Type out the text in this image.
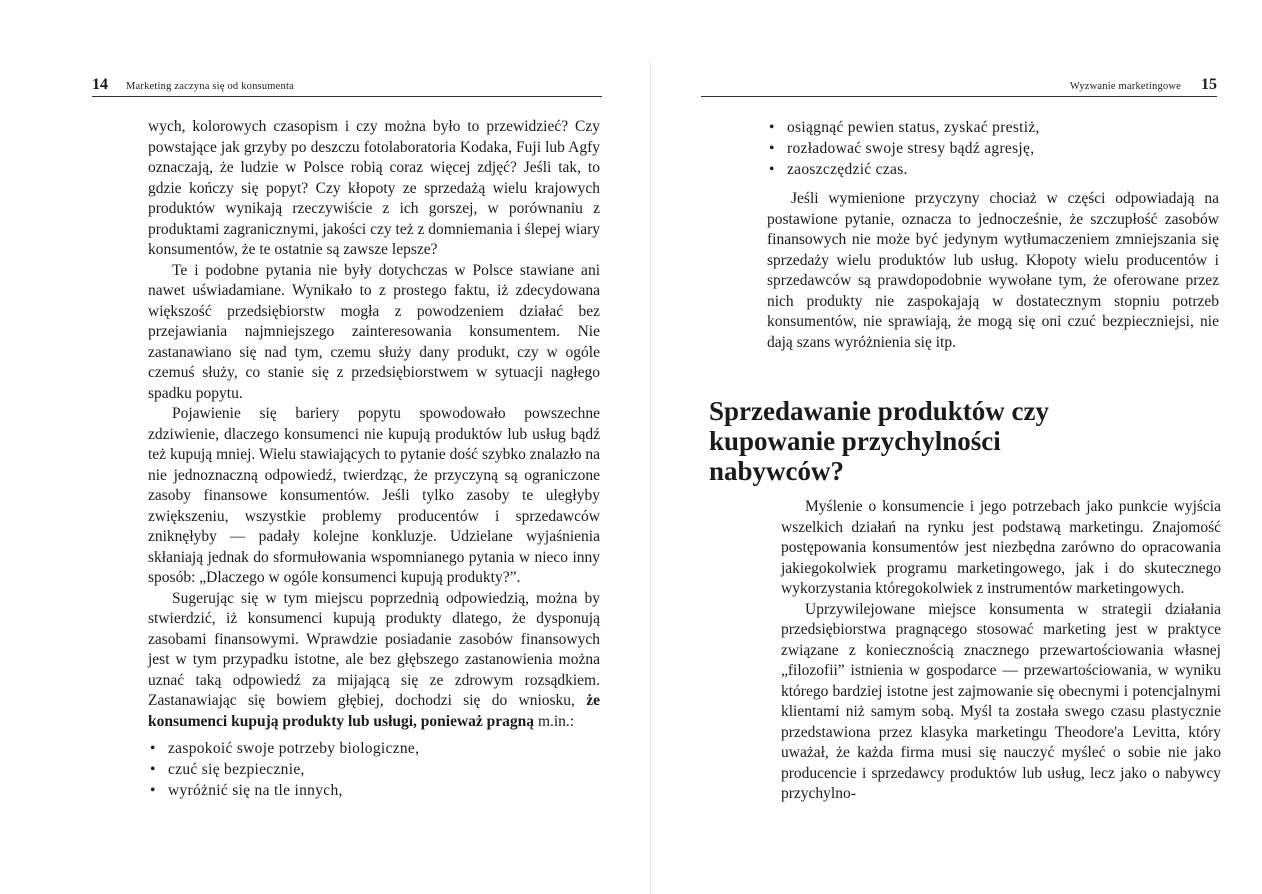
14 Marketing zaczyna się od konsumenta

wych, kolorowych czasopism i czy można było to przewidzieć? Czy powstające jak grzyby po deszczu fotolaboratoria Kodaka, Fuji lub Agfy oznaczają, że ludzie w Polsce robią coraz więcej zdjęć? Jeśli tak, to gdzie kończy się popyt? Czy kłopoty ze sprzedażą wielu krajowych produktów wynikają rzeczywiście z ich gorszej, w porównaniu z produktami zagranicznymi, jakości czy też z domniemania i ślepej wiary konsumentów, że te ostatnie są zawsze lepsze?

Te i podobne pytania nie były dotychczas w Polsce stawiane ani nawet uświadamiane. Wynikało to z prostego faktu, iż zdecydowana większość przedsiębiorstw mogła z powodzeniem działać bez przejawiania najmniejszego zainteresowania konsumentem. Nie zastanawiano się nad tym, czemu służy dany produkt, czy w ogóle czemuś służy, co stanie się z przedsiębiorstwem w sytuacji nagłego spadku popytu.

Pojawienie się bariery popytu spowodowało powszechne zdziwienie, dlaczego konsumenci nie kupują produktów lub usług bądź też kupują mniej. Wielu stawiających to pytanie dość szybko znalazło na nie jednoznaczną odpowiedź, twierdząc, że przyczyną są ograniczone zasoby finansowe konsumentów. Jeśli tylko zasoby te uległyby zwiększeniu, wszystkie problemy producentów i sprzedawców zniknęłyby — padały kolejne konkluzje. Udzielane wyjaśnienia skłaniają jednak do sformułowania wspomnianego pytania w nieco inny sposób: „Dlaczego w ogóle konsumenci kupują produkty?”.

Sugerując się w tym miejscu poprzednią odpowiedzią, można by stwierdzić, iż konsumenci kupują produkty dlatego, że dysponują zasobami finansowymi. Wprawdzie posiadanie zasobów finansowych jest w tym przypadku istotne, ale bez głębszego zastanowienia można uznać taką odpowiedź za mijającą się ze zdrowym rozsądkiem. Zastanawiając się bowiem głębiej, dochodzi się do wniosku, że konsumenci kupują produkty lub usługi, ponieważ pragną m.in.:

• zaspokoić swoje potrzeby biologiczne,
• czuć się bezpiecznie,
• wyróżnić się na tle innych,
Wyzwanie marketingowe 15
• osiągnąć pewien status, zyskać prestiż,
• rozładować swoje stresy bądź agresję,
• zaoszczędzić czas.

Jeśli wymienione przyczyny chociaż w części odpowiadają na postawione pytanie, oznacza to jednocześnie, że szczupłość zasobów finansowych nie może być jedynym wytłumaczeniem zmniejszania się sprzedaży wielu produktów lub usług. Kłopoty wielu producentów i sprzedawców są prawdopodobnie wywołane tym, że oferowane przez nich produkty nie zaspokajają w dostatecznym stopniu potrzeb konsumentów, nie sprawiają, że mogą się oni czuć bezpieczniejsi, nie dają szans wyróżnienia się itp.

Sprzedawanie produktów czy kupowanie przychylności nabywców?

Myślenie o konsumencie i jego potrzebach jako punkcie wyjścia wszelkich działań na rynku jest podstawą marketingu. Znajomość postępowania konsumentów jest niezbędna zarówno do opracowania jakiegokolwiek programu marketingowego, jak i do skutecznego wykorzystania któregokolwiek z instrumentów marketingowych.

Uprzywilejowane miejsce konsumenta w strategii działania przedsiębiorstwa pragnącego stosować marketing jest w praktyce związane z koniecznością znacznego przewartościowania własnej „filozofii” istnienia w gospodarce — przewartościowania, w wyniku którego bardziej istotne jest zajmowanie się obecnymi i potencjalnymi klientami niż samym sobą. Myśl ta została swego czasu plastycznie przedstawiona przez klasyka marketingu Theodore'a Levitta, który uważał, że każda firma musi się nauczyć myśleć o sobie nie jako producencie i sprzedawcy produktów lub usług, lecz jako o nabywcy przychylno-
